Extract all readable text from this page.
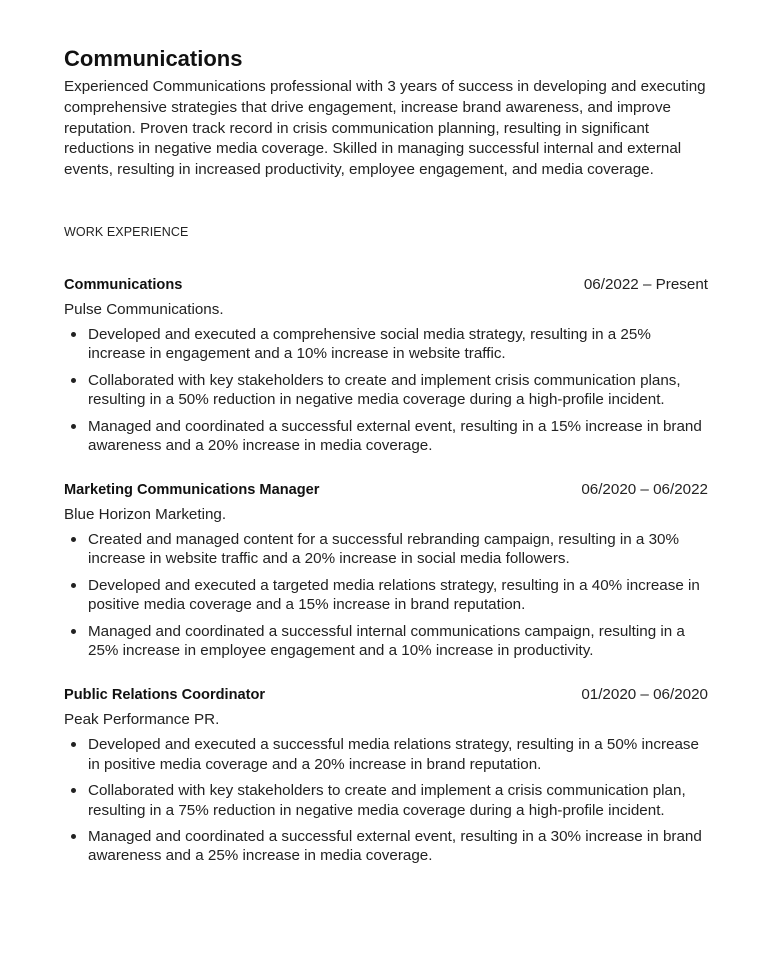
Communications

Experienced Communications professional with 3 years of success in developing and executing comprehensive strategies that drive engagement, increase brand awareness, and improve reputation. Proven track record in crisis communication planning, resulting in significant reductions in negative media coverage. Skilled in managing successful internal and external events, resulting in increased productivity, employee engagement, and media coverage.

WORK EXPERIENCE
Communications	06/2022 – Present
Pulse Communications.
Developed and executed a comprehensive social media strategy, resulting in a 25% increase in engagement and a 10% increase in website traffic.
Collaborated with key stakeholders to create and implement crisis communication plans, resulting in a 50% reduction in negative media coverage during a high-profile incident.
Managed and coordinated a successful external event, resulting in a 15% increase in brand awareness and a 20% increase in media coverage.
Marketing Communications Manager	06/2020 – 06/2022
Blue Horizon Marketing.
Created and managed content for a successful rebranding campaign, resulting in a 30% increase in website traffic and a 20% increase in social media followers.
Developed and executed a targeted media relations strategy, resulting in a 40% increase in positive media coverage and a 15% increase in brand reputation.
Managed and coordinated a successful internal communications campaign, resulting in a 25% increase in employee engagement and a 10% increase in productivity.
Public Relations Coordinator	01/2020 – 06/2020
Peak Performance PR.
Developed and executed a successful media relations strategy, resulting in a 50% increase in positive media coverage and a 20% increase in brand reputation.
Collaborated with key stakeholders to create and implement a crisis communication plan, resulting in a 75% reduction in negative media coverage during a high-profile incident.
Managed and coordinated a successful external event, resulting in a 30% increase in brand awareness and a 25% increase in media coverage.
